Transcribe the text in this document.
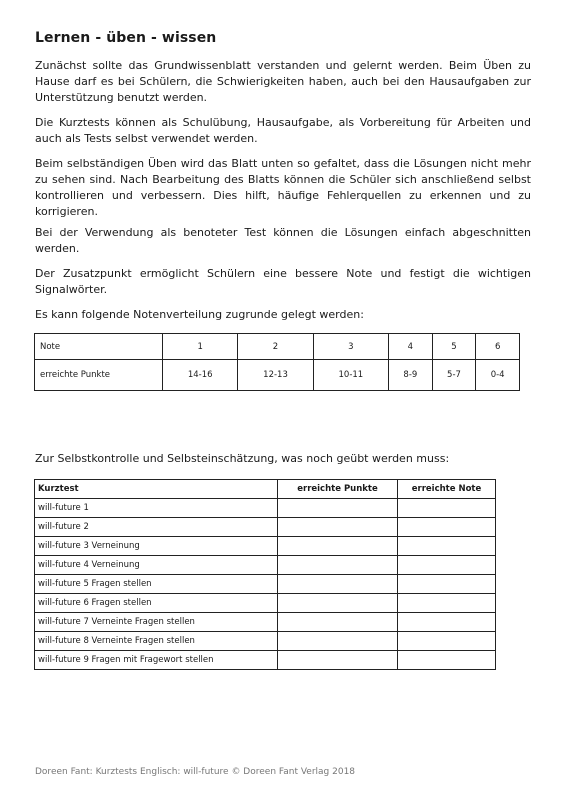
Lernen - üben - wissen

Zunächst sollte das Grundwissenblatt verstanden und gelernt werden. Beim Üben zu Hause darf es bei Schülern, die Schwierigkeiten haben, auch bei den Hausaufgaben zur Unterstützung benutzt werden.

Die Kurztests können als Schulübung, Hausaufgabe, als Vorbereitung für Arbeiten und auch als Tests selbst verwendet werden.

Beim selbständigen Üben wird das Blatt unten so gefaltet, dass die Lösungen nicht mehr zu sehen sind. Nach Bearbeitung des Blatts können die Schüler sich anschließend selbst kontrollieren und verbessern. Dies hilft, häufige Fehlerquellen zu erkennen und zu korrigieren.

Bei der Verwendung als benoteter Test können die Lösungen einfach abgeschnitten werden.

Der Zusatzpunkt ermöglicht Schülern eine bessere Note und festigt die wichtigen Signalwörter.

Es kann folgende Notenverteilung zugrunde gelegt werden:

Note	1	2	3	4	5	6
erreichte Punkte	14-16	12-13	10-11	8-9	5-7	0-4

Zur Selbstkontrolle und Selbsteinschätzung, was noch geübt werden muss:

Kurztest	erreichte Punkte	erreichte Note
will-future 1		
will-future 2		
will-future 3 Verneinung		
will-future 4 Verneinung		
will-future 5 Fragen stellen		
will-future 6 Fragen stellen		
will-future 7 Verneinte Fragen stellen		
will-future 8 Verneinte Fragen stellen		
will-future 9 Fragen mit Fragewort stellen		

Doreen Fant: Kurztests Englisch: will-future © Doreen Fant Verlag 2018
